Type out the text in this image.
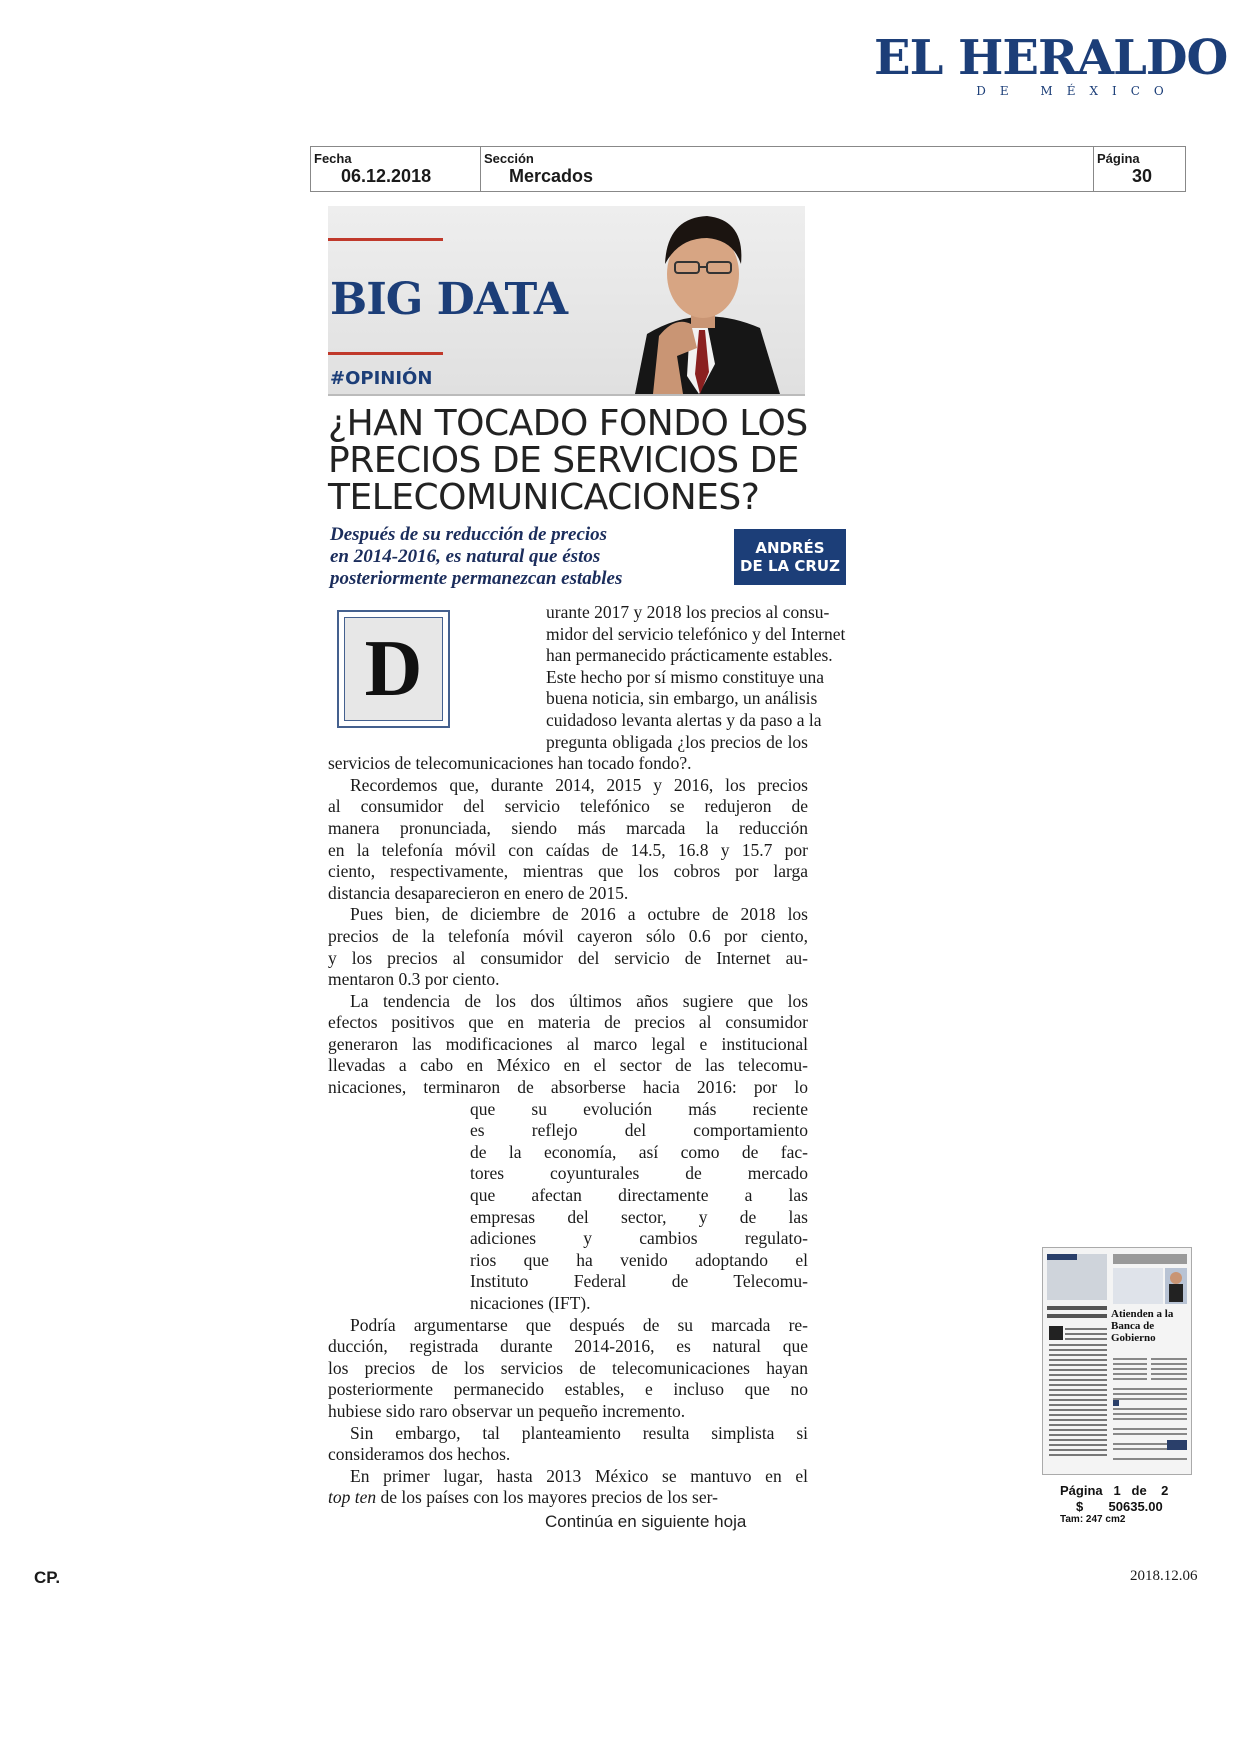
EL HERALDO
DE MÉXICO
Fecha
06.12.2018
Sección
Mercados
Página
30
BIG DATA
#OPINIÓN
¿HAN TOCADO FONDO LOS
PRECIOS DE SERVICIOS DE
TELECOMUNICACIONES?
Después de su reducción de precios
en 2014-2016, es natural que éstos
posteriormente permanezcan estables
ANDRÉS
DE LA CRUZ
D
urante 2017 y 2018 los precios al consu-
midor del servicio telefónico y del Internet
han permanecido prácticamente estables.
Este hecho por sí mismo constituye una
buena noticia, sin embargo, un análisis
cuidadoso levanta alertas y da paso a la
pregunta obligada ¿los precios de los
servicios de telecomunicaciones han tocado fondo?.
Recordemos que, durante 2014, 2015 y 2016, los precios
al consumidor del servicio telefónico se redujeron de
manera pronunciada, siendo más marcada la reducción
en la telefonía móvil con caídas de 14.5, 16.8 y 15.7 por
ciento, respectivamente, mientras que los cobros por larga
distancia desaparecieron en enero de 2015.
Pues bien, de diciembre de 2016 a octubre de 2018 los
precios de la telefonía móvil cayeron sólo 0.6 por ciento,
y los precios al consumidor del servicio de Internet au-
mentaron 0.3 por ciento.
La tendencia de los dos últimos años sugiere que los
efectos positivos que en materia de precios al consumidor
generaron las modificaciones al marco legal e institucional
llevadas a cabo en México en el sector de las telecomu-
nicaciones, terminaron de absorberse hacia 2016: por lo
que su evolución más reciente
es reflejo del comportamiento
de la economía, así como de fac-
tores coyunturales de mercado
que afectan directamente a las
empresas del sector, y de las
adiciones y cambios regulato-
rios que ha venido adoptando el
Instituto Federal de Telecomu-
nicaciones (IFT).
Podría argumentarse que después de su marcada re-
ducción, registrada durante 2014-2016, es natural que
los precios de los servicios de telecomunicaciones hayan
posteriormente permanecido estables, e incluso que no
hubiese sido raro observar un pequeño incremento.
Sin embargo, tal planteamiento resulta simplista si
consideramos dos hechos.
En primer lugar, hasta 2013 México se mantuvo en el
top ten de los países con los mayores precios de los ser-
Continúa en siguiente hoja
Atienden a la Banca de Gobierno
Página 1 de 2
$ 50635.00
Tam: 247 cm2
CP.	2018.12.06
